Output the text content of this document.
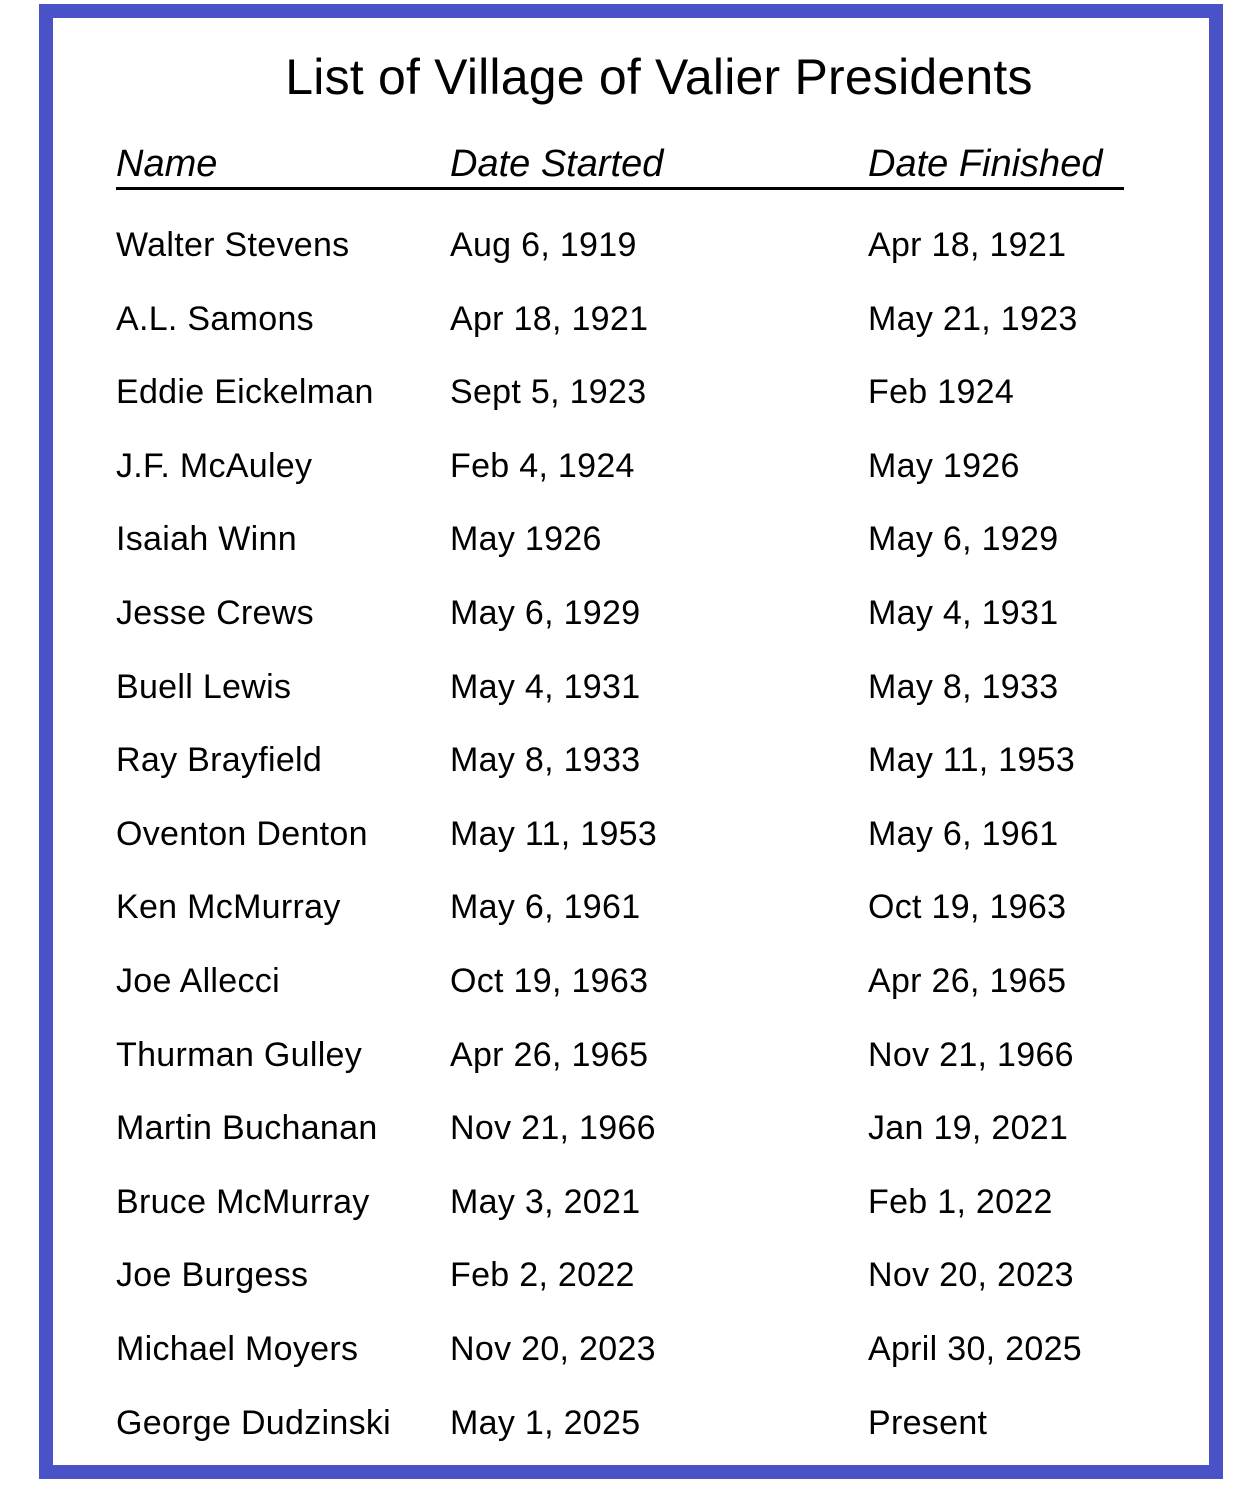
List of Village of Valier Presidents
Name	Date Started	Date Finished
Walter Stevens	Aug 6, 1919	Apr 18, 1921
A.L. Samons	Apr 18, 1921	May 21, 1923
Eddie Eickelman Sept 5, 1923	Feb 1924
J.F. McAuley	Feb 4, 1924	May 1926
Isaiah Winn	May 1926	May 6, 1929
Jesse Crews	May 6, 1929	May 4, 1931
Buell Lewis	May 4, 1931	May 8, 1933
Ray Brayfield	May 8, 1933	May 11, 1953
Oventon Denton May 11, 1953	May 6, 1961
Ken McMurray	May 6, 1961	Oct 19, 1963
Joe Allecci	Oct 19, 1963	Apr 26, 1965
Thurman Gulley	Apr 26, 1965	Nov 21, 1966
Martin Buchanan Nov 21, 1966	Jan 19, 2021
Bruce McMurray May 3, 2021	Feb 1, 2022
Joe Burgess	Feb 2, 2022	Nov 20, 2023
Michael Moyers	Nov 20, 2023	April 30, 2025
George Dudzinski May 1, 2025	Present
